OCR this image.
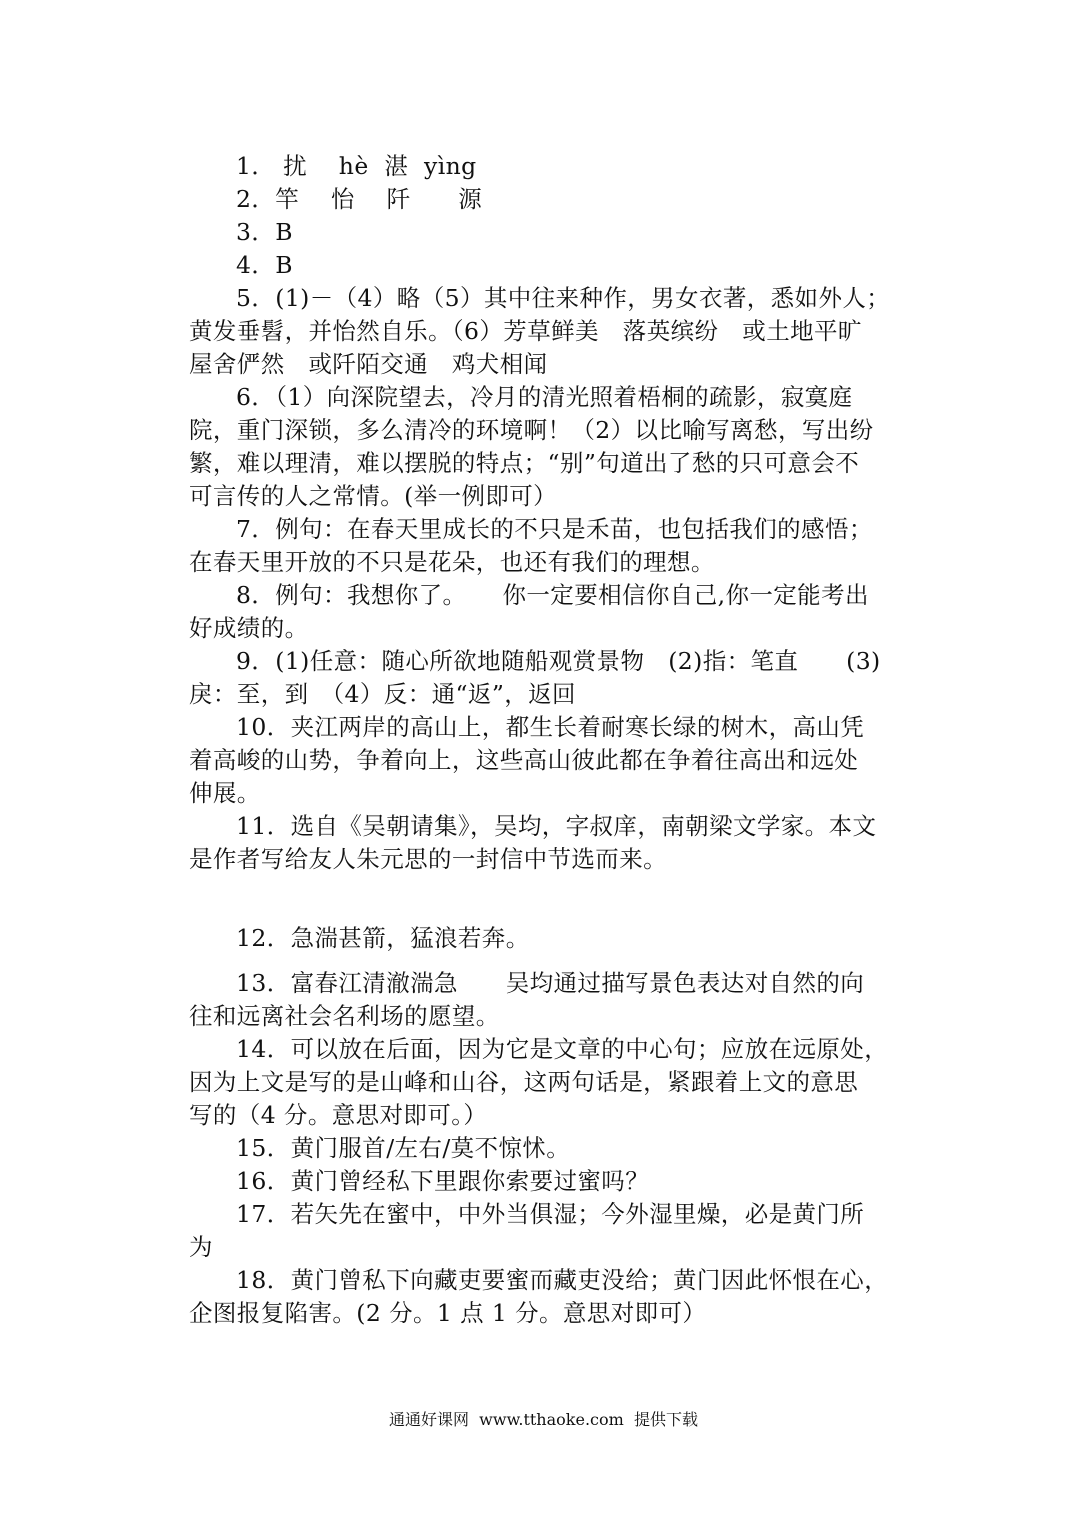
1． 扰　 hè  湛  yìng
2．竿　 怡　 阡　　源
3．B
4．B
5．(1)－（4）略（5）其中往来种作，男女衣著，悉如外人；
黄发垂髫，并怡然自乐。（6）芳草鲜美　落英缤纷　或土地平旷
屋舍俨然　或阡陌交通　鸡犬相闻
6．（1）向深院望去，冷月的清光照着梧桐的疏影，寂寞庭
院，重门深锁，多么清冷的环境啊！（2）以比喻写离愁，写出纷
繁，难以理清，难以摆脱的特点；“别”句道出了愁的只可意会不
可言传的人之常情。(举一例即可）
7．例句：在春天里成长的不只是禾苗，也包括我们的感悟；
在春天里开放的不只是花朵，也还有我们的理想。
8．例句：我想你了。　　你一定要相信你自己,你一定能考出
好成绩的。
9．(1)任意：随心所欲地随船观赏景物　(2)指：笔直　　(3)
戾：至，到　（4）反：通“返”，返回
10．夹江两岸的高山上，都生长着耐寒长绿的树木，高山凭
着高峻的山势，争着向上，这些高山彼此都在争着往高出和远处
伸展。
11．选自《吴朝请集》，吴均，字叔庠，南朝梁文学家。本文
是作者写给友人朱元思的一封信中节选而来。
12．急湍甚箭，猛浪若奔。
13．富春江清澈湍急　　吴均通过描写景色表达对自然的向
往和远离社会名利场的愿望。
14．可以放在后面，因为它是文章的中心句；应放在远原处，
因为上文是写的是山峰和山谷，这两句话是，紧跟着上文的意思
写的（4 分。意思对即可。）
15．黄门服首/左右/莫不惊怵。
16．黄门曾经私下里跟你索要过蜜吗？
17．若矢先在蜜中，中外当俱湿；今外湿里燥，必是黄门所
为
18．黄门曾私下向藏吏要蜜而藏吏没给；黄门因此怀恨在心，
企图报复陷害。(2 分。1 点 1 分。意思对即可）
通通好课网  www.tthaoke.com  提供下载
